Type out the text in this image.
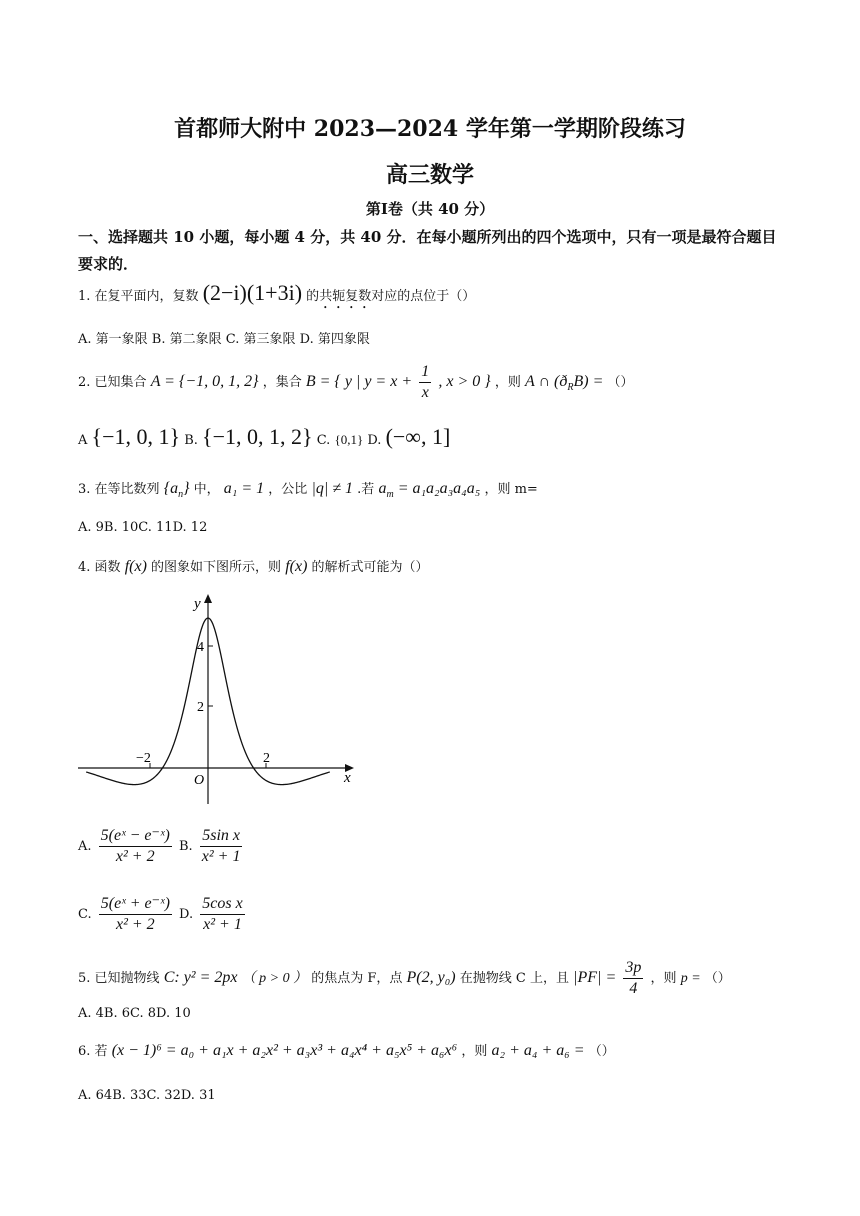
首都师大附中 2023—2024 学年第一学期阶段练习
高三数学
第Ⅰ卷（共 40 分）
一、选择题共 10 小题，每小题 4 分，共 40 分．在每小题所列出的四个选项中，只有一项是最符合题目要求的．
1. 在复平面内，复数 (2−i)(1+3i) 的共轭复数对应的点位于（）
A. 第一象限 B. 第二象限 C. 第三象限 D. 第四象限
2. 已知集合 A = {−1, 0, 1, 2} ，集合 B = { y | $y = x + \frac{1}{x}$ , x > 0 } ，则 A ∩ $(ð_RB)$ = （）
A {−1, 0, 1} B. {−1, 0, 1, 2} C. {0,1} D. (−∞, 1]
3. 在等比数列 $\{a_n\}$ 中， a₁ = 1 ，公比 |q| ≠ 1 .若 $a_m = a_1a_2a_3a_4a_5$ ，则 m=
A. 9B. 10C. 11D. 12
4. 函数 f(x) 的图象如下图所示，则 f(x) 的解析式可能为（）
y
x
O
4
2
−2	2
A. $\frac{\text{5(eˣ − e⁻ˣ)}}{\text{x² + 2}} B$. $\frac{\text{5sin x}}{\text{x² + 1}}$
C. $\frac{\text{5(eˣ + e⁻ˣ)}}{\text{x² + 2}} D$. $\frac{\text{5cos x}}{\text{x² + 1}}$
5. 已知抛物线 C: y² = 2px （ p > 0 ） 的焦点为 F，点 P(2, y₀) 在抛物线 C 上，且 $|PF| = \frac{3p}{4}$ ，则 p = （）
A. 4B. 6C. 8D. 10
6. 若 (x − 1)⁶ = a₀ + a₁x + a₂x² + a₃x³ + a₄x⁴ + a₅x⁵ + a₆x⁶ ，则 a₂ + a₄ + a₆ = （）
A. 64B. 33C. 32D. 31
